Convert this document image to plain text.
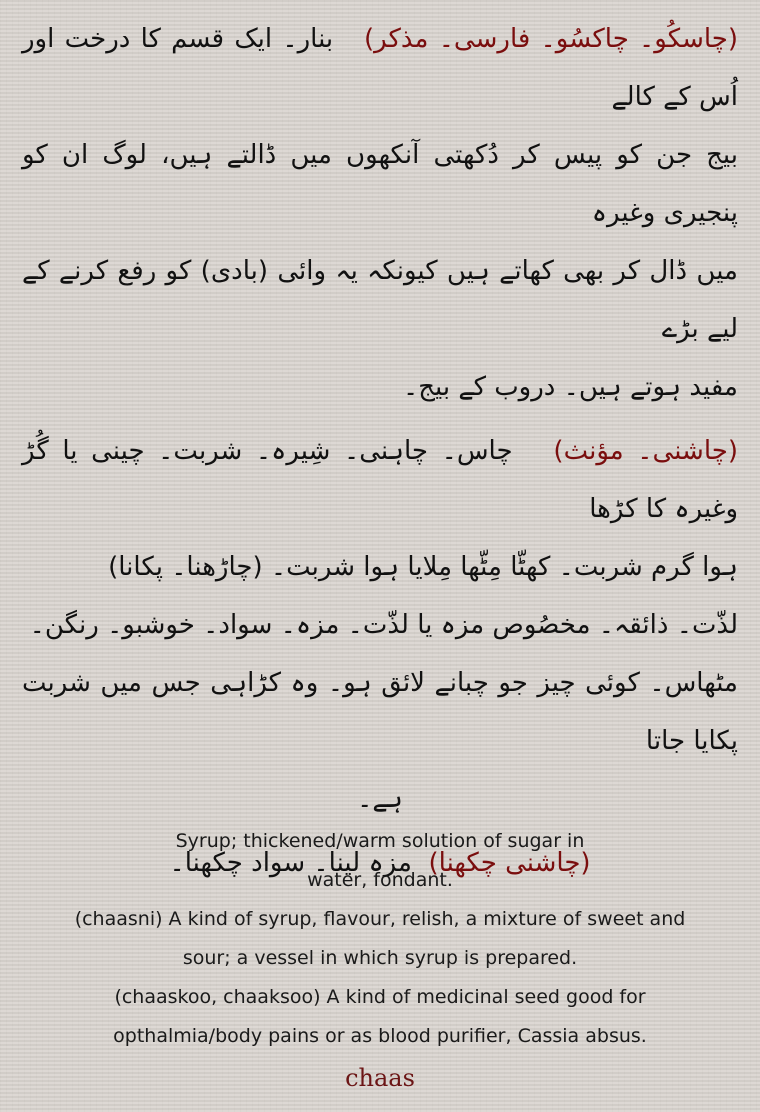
(چاسکُو۔ چاکسُو۔ فارسی۔ مذکر)   بنار۔ ایک قسم کا درخت اور اُس کے کالے

بیج جن کو پیس کر دُکھتی آنکھوں میں ڈالتے ہیں، لوگ ان کو پنجیری وغیرہ

میں ڈال کر بھی کھاتے ہیں کیونکہ یہ وائی (بادی) کو رفع کرنے کے لیے بڑے

مفید ہوتے ہیں۔ دروب کے بیج۔

(چاشنی۔ مؤنث)   چاس۔ چاہنی۔ شِیرہ۔ شربت۔ چینی یا گُڑ وغیرہ کا کڑھا

ہوا گرم شربت۔ کھٹّا مِٹّھا مِلایا ہوا شربت۔ (چاڑھنا۔ پکانا)

لذّت۔ ذائقہ۔ مخصُوص مزہ یا لذّت۔ مزہ۔ سواد۔ خوشبو۔ رنگن۔

مٹھاس۔ کوئی چیز جو چبانے لائق ہو۔ وہ کڑاہی جس میں شربت پکایا جاتا

ہے۔

(چاشنی چکھنا)  مزہ لینا۔ سواد چکھنا۔

Syrup; thickened/warm solution of sugar in

water, fondant.

(chaasni) A kind of syrup, flavour, relish, a mixture of sweet and

sour; a vessel in which syrup is prepared.

(chaaskoo, chaaksoo) A kind of medicinal seed good for

opthalmia/body pains or as blood purifier, Cassia absus.

chaas
